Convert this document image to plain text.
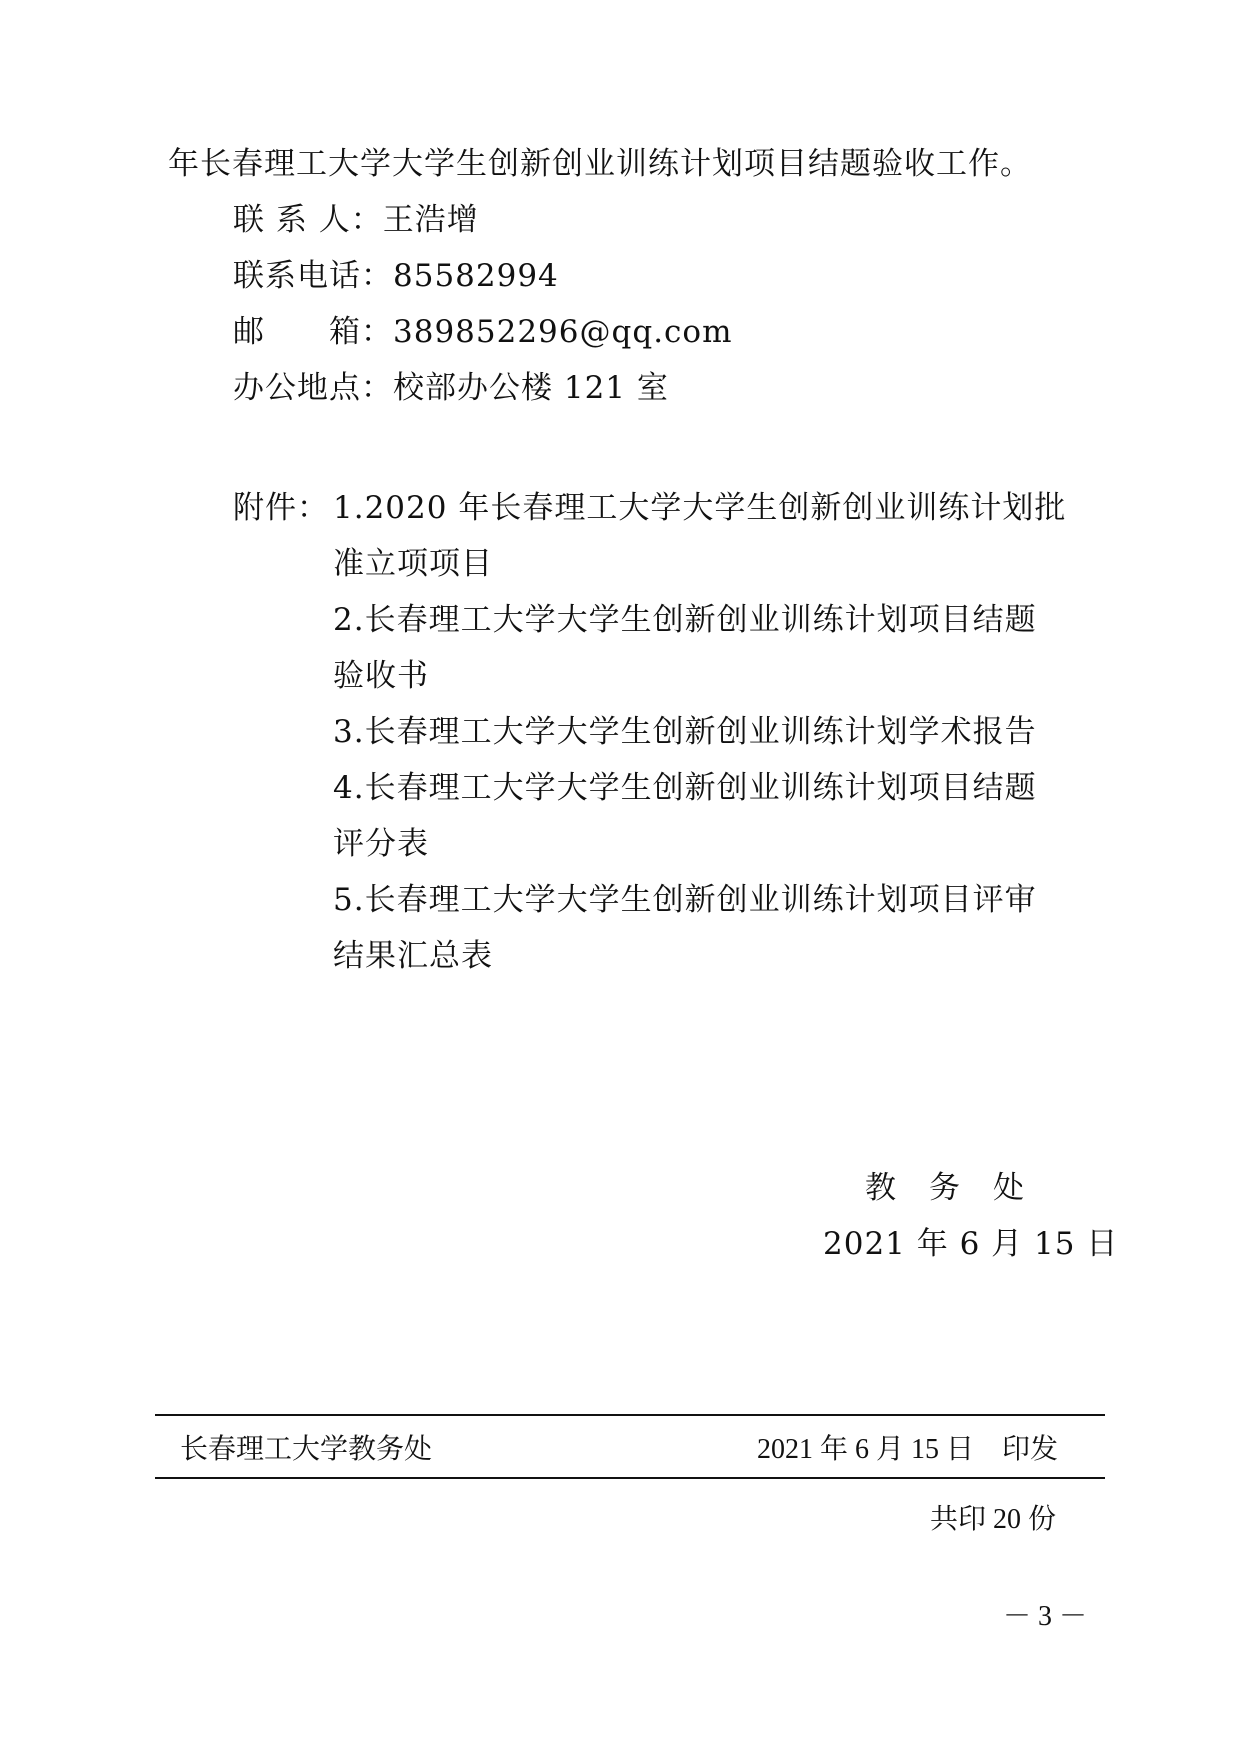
年长春理工大学大学生创新创业训练计划项目结题验收工作。
联 系 人：王浩增
联系电话：85582994
邮　　箱：389852296@qq.com
办公地点：校部办公楼 121 室
附件： 1.2020 年长春理工大学大学生创新创业训练计划批
准立项项目
2.长春理工大学大学生创新创业训练计划项目结题
验收书
3.长春理工大学大学生创新创业训练计划学术报告
4.长春理工大学大学生创新创业训练计划项目结题
评分表
5.长春理工大学大学生创新创业训练计划项目评审
结果汇总表
教　务　处
2021 年 6 月 15 日
长春理工大学教务处	2021 年 6 月 15 日　印发
共印 20 份
－ 3 －
